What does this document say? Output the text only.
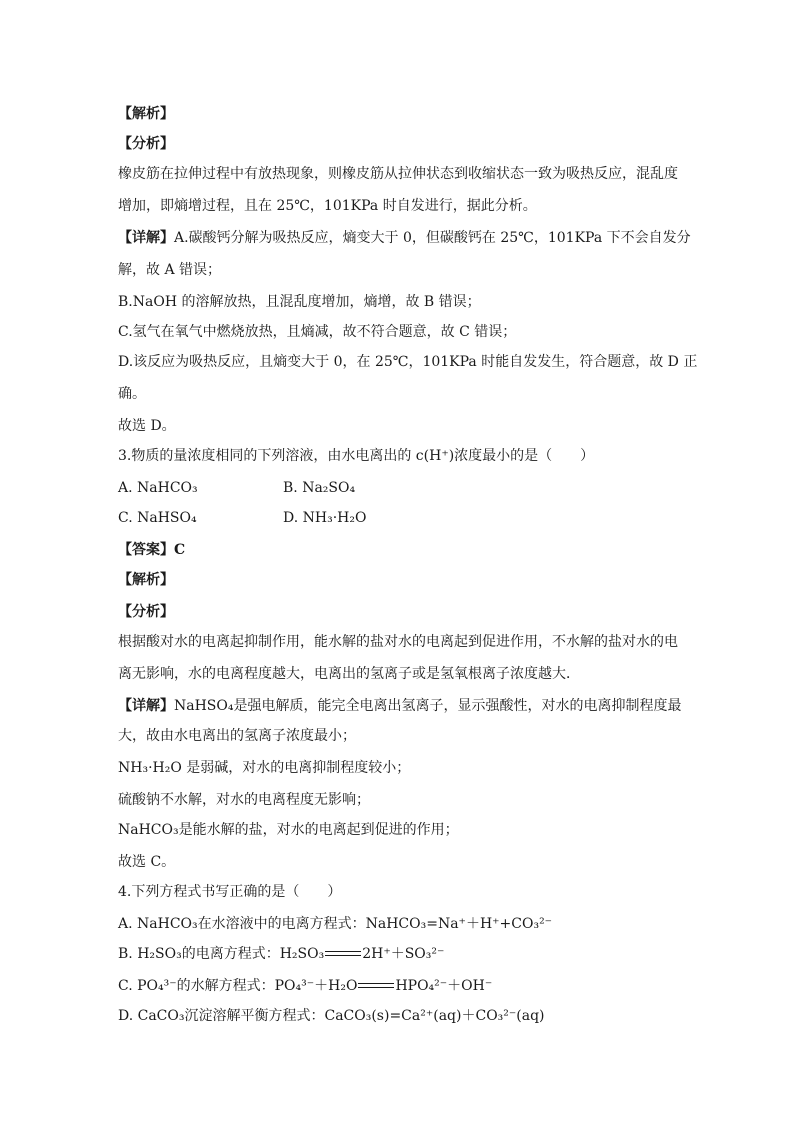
【解析】
【分析】
橡皮筋在拉伸过程中有放热现象，则橡皮筋从拉伸状态到收缩状态一致为吸热反应，混乱度
增加，即熵增过程，且在 25℃，101KPa 时自发进行，据此分析。
【详解】A.碳酸钙分解为吸热反应，熵变大于 0，但碳酸钙在 25℃，101KPa 下不会自发分
解，故 A 错误；
B.NaOH 的溶解放热，且混乱度增加，熵增，故 B 错误；
C.氢气在氧气中燃烧放热，且熵减，故不符合题意，故 C 错误；
D.该反应为吸热反应，且熵变大于 0，在 25℃，101KPa 时能自发发生，符合题意，故 D 正
确。
故选 D。
3.物质的量浓度相同的下列溶液，由水电离出的 c(H⁺)浓度最小的是（　　）
A. NaHCO₃	B. Na₂SO₄
C. NaHSO₄	D. NH₃·H₂O
【答案】C
【解析】
【分析】
根据酸对水的电离起抑制作用，能水解的盐对水的电离起到促进作用，不水解的盐对水的电
离无影响，水的电离程度越大，电离出的氢离子或是氢氧根离子浓度越大．
【详解】NaHSO₄是强电解质，能完全电离出氢离子，显示强酸性，对水的电离抑制程度最
大，故由水电离出的氢离子浓度最小；
NH₃·H₂O 是弱碱，对水的电离抑制程度较小；
硫酸钠不水解，对水的电离程度无影响；
NaHCO₃是能水解的盐，对水的电离起到促进的作用；
故选 C。
4.下列方程式书写正确的是（　　）
A. NaHCO₃在水溶液中的电离方程式：NaHCO₃=Na⁺＋H⁺+CO₃²⁻
B. H₂SO₃的电离方程式：H₂SO₃	2H⁺＋SO₃²⁻
C. PO₄³⁻的水解方程式：PO₄³⁻＋H₂O	HPO₄²⁻＋OH⁻
D. CaCO₃沉淀溶解平衡方程式：CaCO₃(s)=Ca²⁺(aq)＋CO₃²⁻(aq)
